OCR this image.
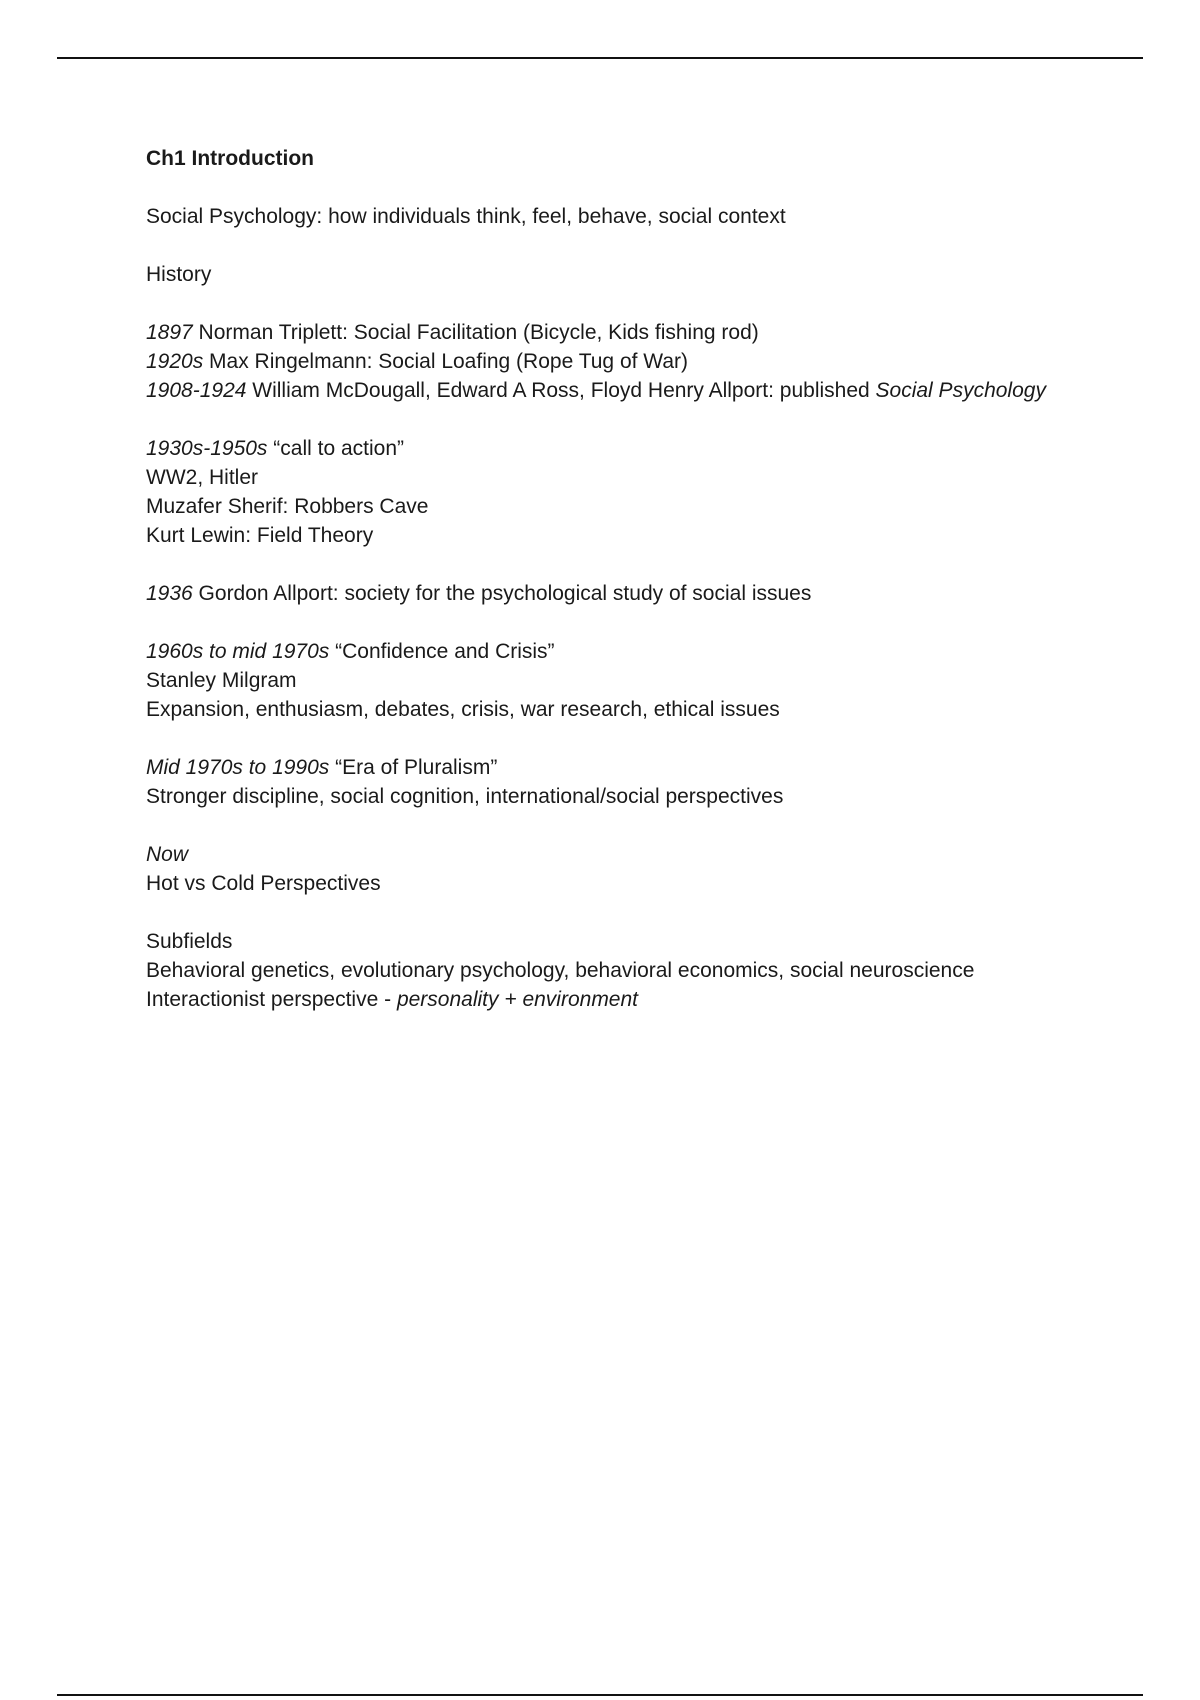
Ch1 Introduction

Social Psychology: how individuals think, feel, behave, social context

History

1897 Norman Triplett: Social Facilitation (Bicycle, Kids fishing rod)

1920s Max Ringelmann: Social Loafing (Rope Tug of War)

1908-1924 William McDougall, Edward A Ross, Floyd Henry Allport: published Social Psychology

1930s-1950s “call to action”

WW2, Hitler

Muzafer Sherif: Robbers Cave

Kurt Lewin: Field Theory

1936 Gordon Allport: society for the psychological study of social issues

1960s to mid 1970s “Confidence and Crisis”

Stanley Milgram

Expansion, enthusiasm, debates, crisis, war research, ethical issues

Mid 1970s to 1990s “Era of Pluralism”

Stronger discipline, social cognition, international/social perspectives

Now

Hot vs Cold Perspectives

Subfields

Behavioral genetics, evolutionary psychology, behavioral economics, social neuroscience

Interactionist perspective - personality + environment
